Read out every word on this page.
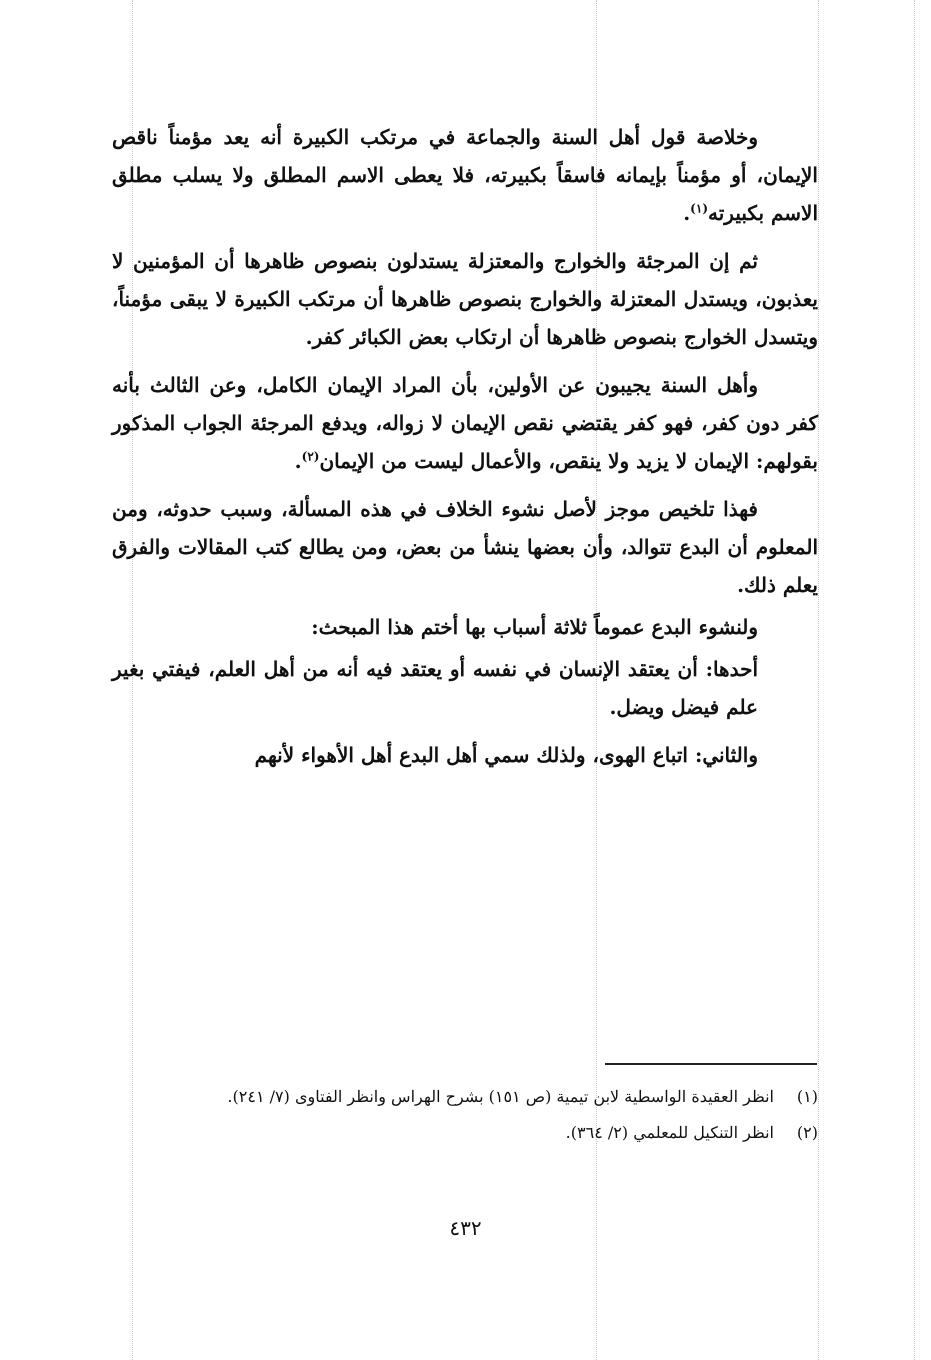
وخلاصة قول أهل السنة والجماعة في مرتكب الكبيرة أنه يعد مؤمناً ناقص الإيمان، أو مؤمناً بإيمانه فاسقاً بكبيرته، فلا يعطى الاسم المطلق ولا يسلب مطلق الاسم بكبيرته$^{(١)}$.

ثم إن المرجئة والخوارج والمعتزلة يستدلون بنصوص ظاهرها أن المؤمنين لا يعذبون، ويستدل المعتزلة والخوارج بنصوص ظاهرها أن مرتكب الكبيرة لا يبقى مؤمناً، ويتسدل الخوارج بنصوص ظاهرها أن ارتكاب بعض الكبائر كفر.

وأهل السنة يجيبون عن الأولين، بأن المراد الإيمان الكامل، وعن الثالث بأنه كفر دون كفر، فهو كفر يقتضي نقص الإيمان لا زواله، ويدفع المرجئة الجواب المذكور بقولهم: الإيمان لا يزيد ولا ينقص، والأعمال ليست من الإيمان$^{(٢)}$.

فهذا تلخيص موجز لأصل نشوء الخلاف في هذه المسألة، وسبب حدوثه، ومن المعلوم أن البدع تتوالد، وأن بعضها ينشأ من بعض، ومن يطالع كتب المقالات والفرق يعلم ذلك.

ولنشوء البدع عموماً ثلاثة أسباب بها أختم هذا المبحث:

أحدها: أن يعتقد الإنسان في نفسه أو يعتقد فيه أنه من أهل العلم، فيفتي بغير علم فيضل ويضل.

والثاني: اتباع الهوى، ولذلك سمي أهل البدع أهل الأهواء لأنهم

(١)
انظر العقيدة الواسطية لابن تيمية (ص ١٥١) بشرح الهراس وانظر الفتاوى (٧/ ٢٤١).

(٢)
انظر التنكيل للمعلمي (٢/ ٣٦٤).

٤٣٢
